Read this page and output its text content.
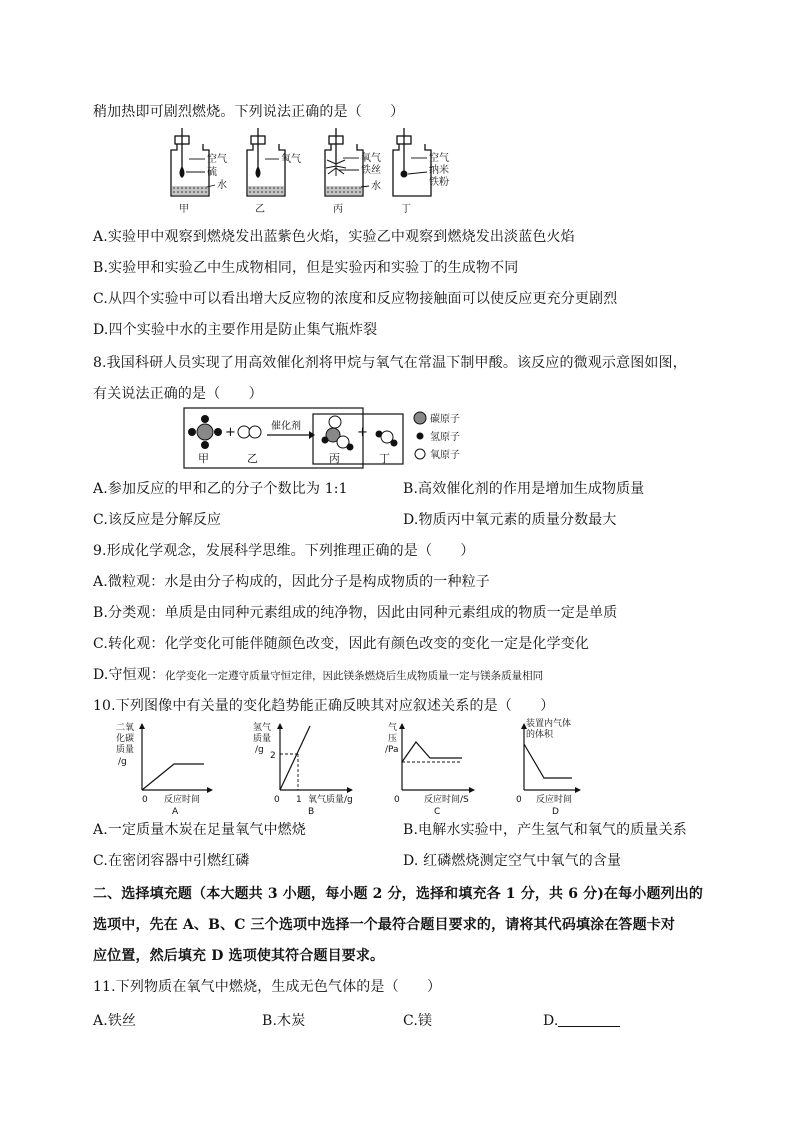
稍加热即可剧烈燃烧。下列说法正确的是（　　）
空气
硫
水
氧气	氧气
铁丝
水
空气
纳米
铁粉
甲	乙	丙	丁
A.实验甲中观察到燃烧发出蓝紫色火焰，实验乙中观察到燃烧发出淡蓝色火焰
B.实验甲和实验乙中生成物相同，但是实验丙和实验丁的生成物不同
C.从四个实验中可以看出增大反应物的浓度和反应物接触面可以使反应更充分更剧烈
D.四个实验中水的主要作用是防止集气瓶炸裂
8.我国科研人员实现了用高效催化剂将甲烷与氧气在常温下制甲酸。该反应的微观示意图如图，
有关说法正确的是（　　）
+
甲	乙
催化剂	+
丙	丁
碳原子
氢原子
氧原子
A.参加反应的甲和乙的分子个数比为 1:1	B.高效催化剂的作用是增加生成物质量
C.该反应是分解反应	D.物质丙中氧元素的质量分数最大
9.形成化学观念，发展科学思维。下列推理正确的是（　　）
A.微粒观：水是由分子构成的，因此分子是构成物质的一种粒子
B.分类观：单质是由同种元素组成的纯净物，因此由同种元素组成的物质一定是单质
C.转化观：化学变化可能伴随颜色改变，因此有颜色改变的变化一定是化学变化
D.守恒观：化学变化一定遵守质量守恒定律，因此镁条燃烧后生成物质量一定与镁条质量相同
10.下列图像中有关量的变化趋势能正确反映其对应叙述关系的是（　　）
二氧
化碳
质量
/g
0 反应时间
A
氢气
质量
/g
2
0 1 氧气质量/g
B
气
压
/Pa
0	反应时间/S
C
装置内气体
的体积
0 反应时间
D
A.一定质量木炭在足量氧气中燃烧	B.电解水实验中，产生氢气和氧气的质量关系
C.在密闭容器中引燃红磷	D. 红磷燃烧测定空气中氧气的含量
二、选择填充题（本大题共 3 小题，每小题 2 分，选择和填充各 1 分，共 6 分)在每小题列出的
选项中，先在 A、B、C 三个选项中选择一个最符合题目要求的，请将其代码填涂在答题卡对
应位置，然后填充 D 选项使其符合题目要求。
11.下列物质在氧气中燃烧，生成无色气体的是（　　）
A.铁丝	B.木炭	C.镁	D.
